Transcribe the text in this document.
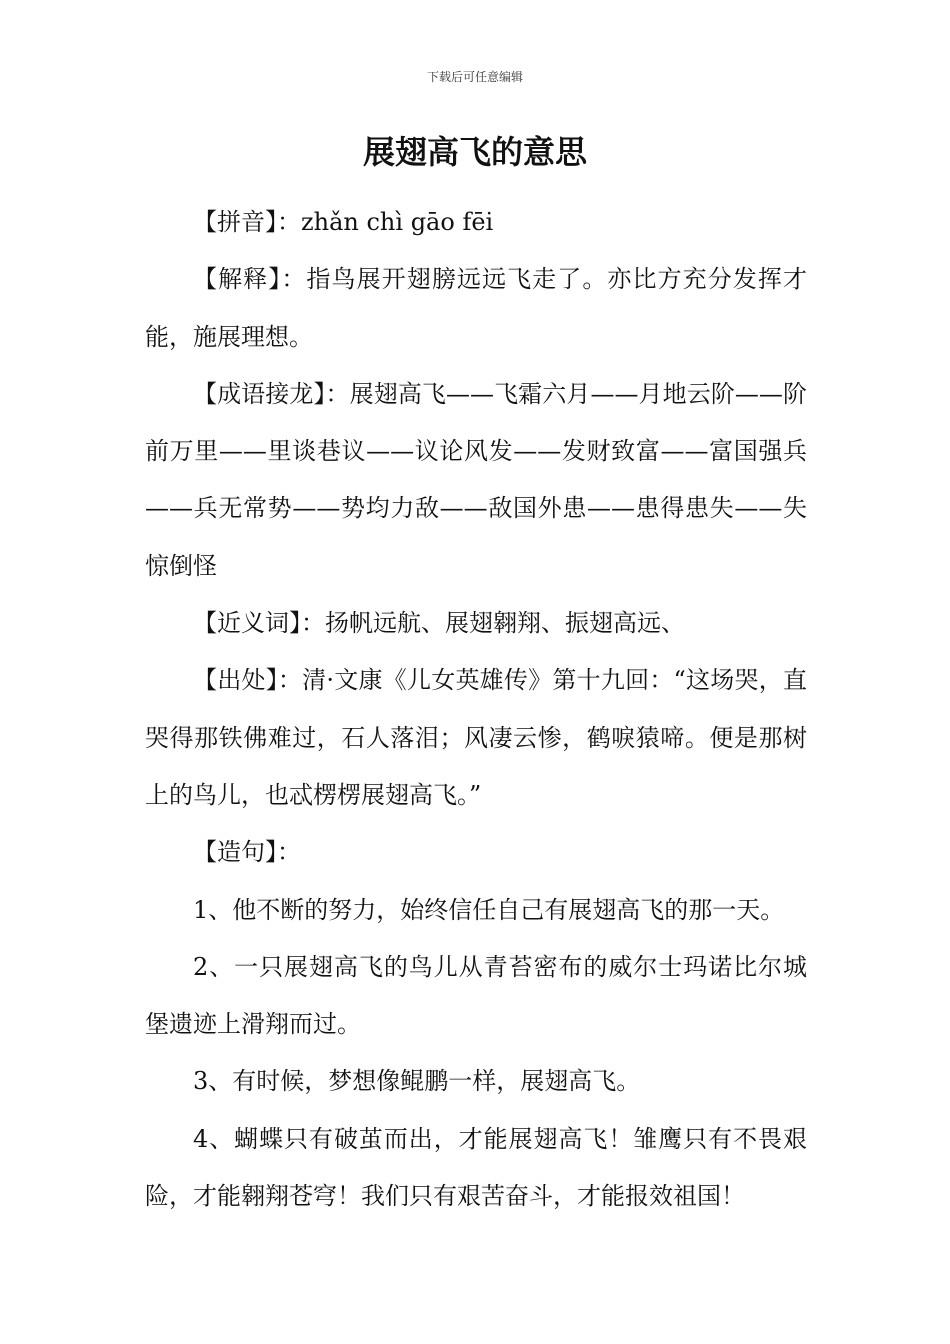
下载后可任意编辑
展翅高飞的意思

【拼音】：zhǎn chì gāo fēi

【解释】：指鸟展开翅膀远远飞走了。亦比方充分发挥才能，施展理想。

【成语接龙】：展翅高飞——飞霜六月——月地云阶——阶前万里——里谈巷议——议论风发——发财致富——富国强兵——兵无常势——势均力敌——敌国外患——患得患失——失惊倒怪

【近义词】：扬帆远航、展翅翱翔、振翅高远、

【出处】：清·文康《儿女英雄传》第十九回：“这场哭，直哭得那铁佛难过，石人落泪；风凄云惨，鹤唳猿啼。便是那树上的鸟儿，也忒楞楞展翅高飞。”

【造句】：

1、他不断的努力，始终信任自己有展翅高飞的那一天。

2、一只展翅高飞的鸟儿从青苔密布的威尔士玛诺比尔城堡遗迹上滑翔而过。

3、有时候，梦想像鲲鹏一样，展翅高飞。

4、蝴蝶只有破茧而出，才能展翅高飞！雏鹰只有不畏艰险，才能翱翔苍穹！我们只有艰苦奋斗，才能报效祖国！
